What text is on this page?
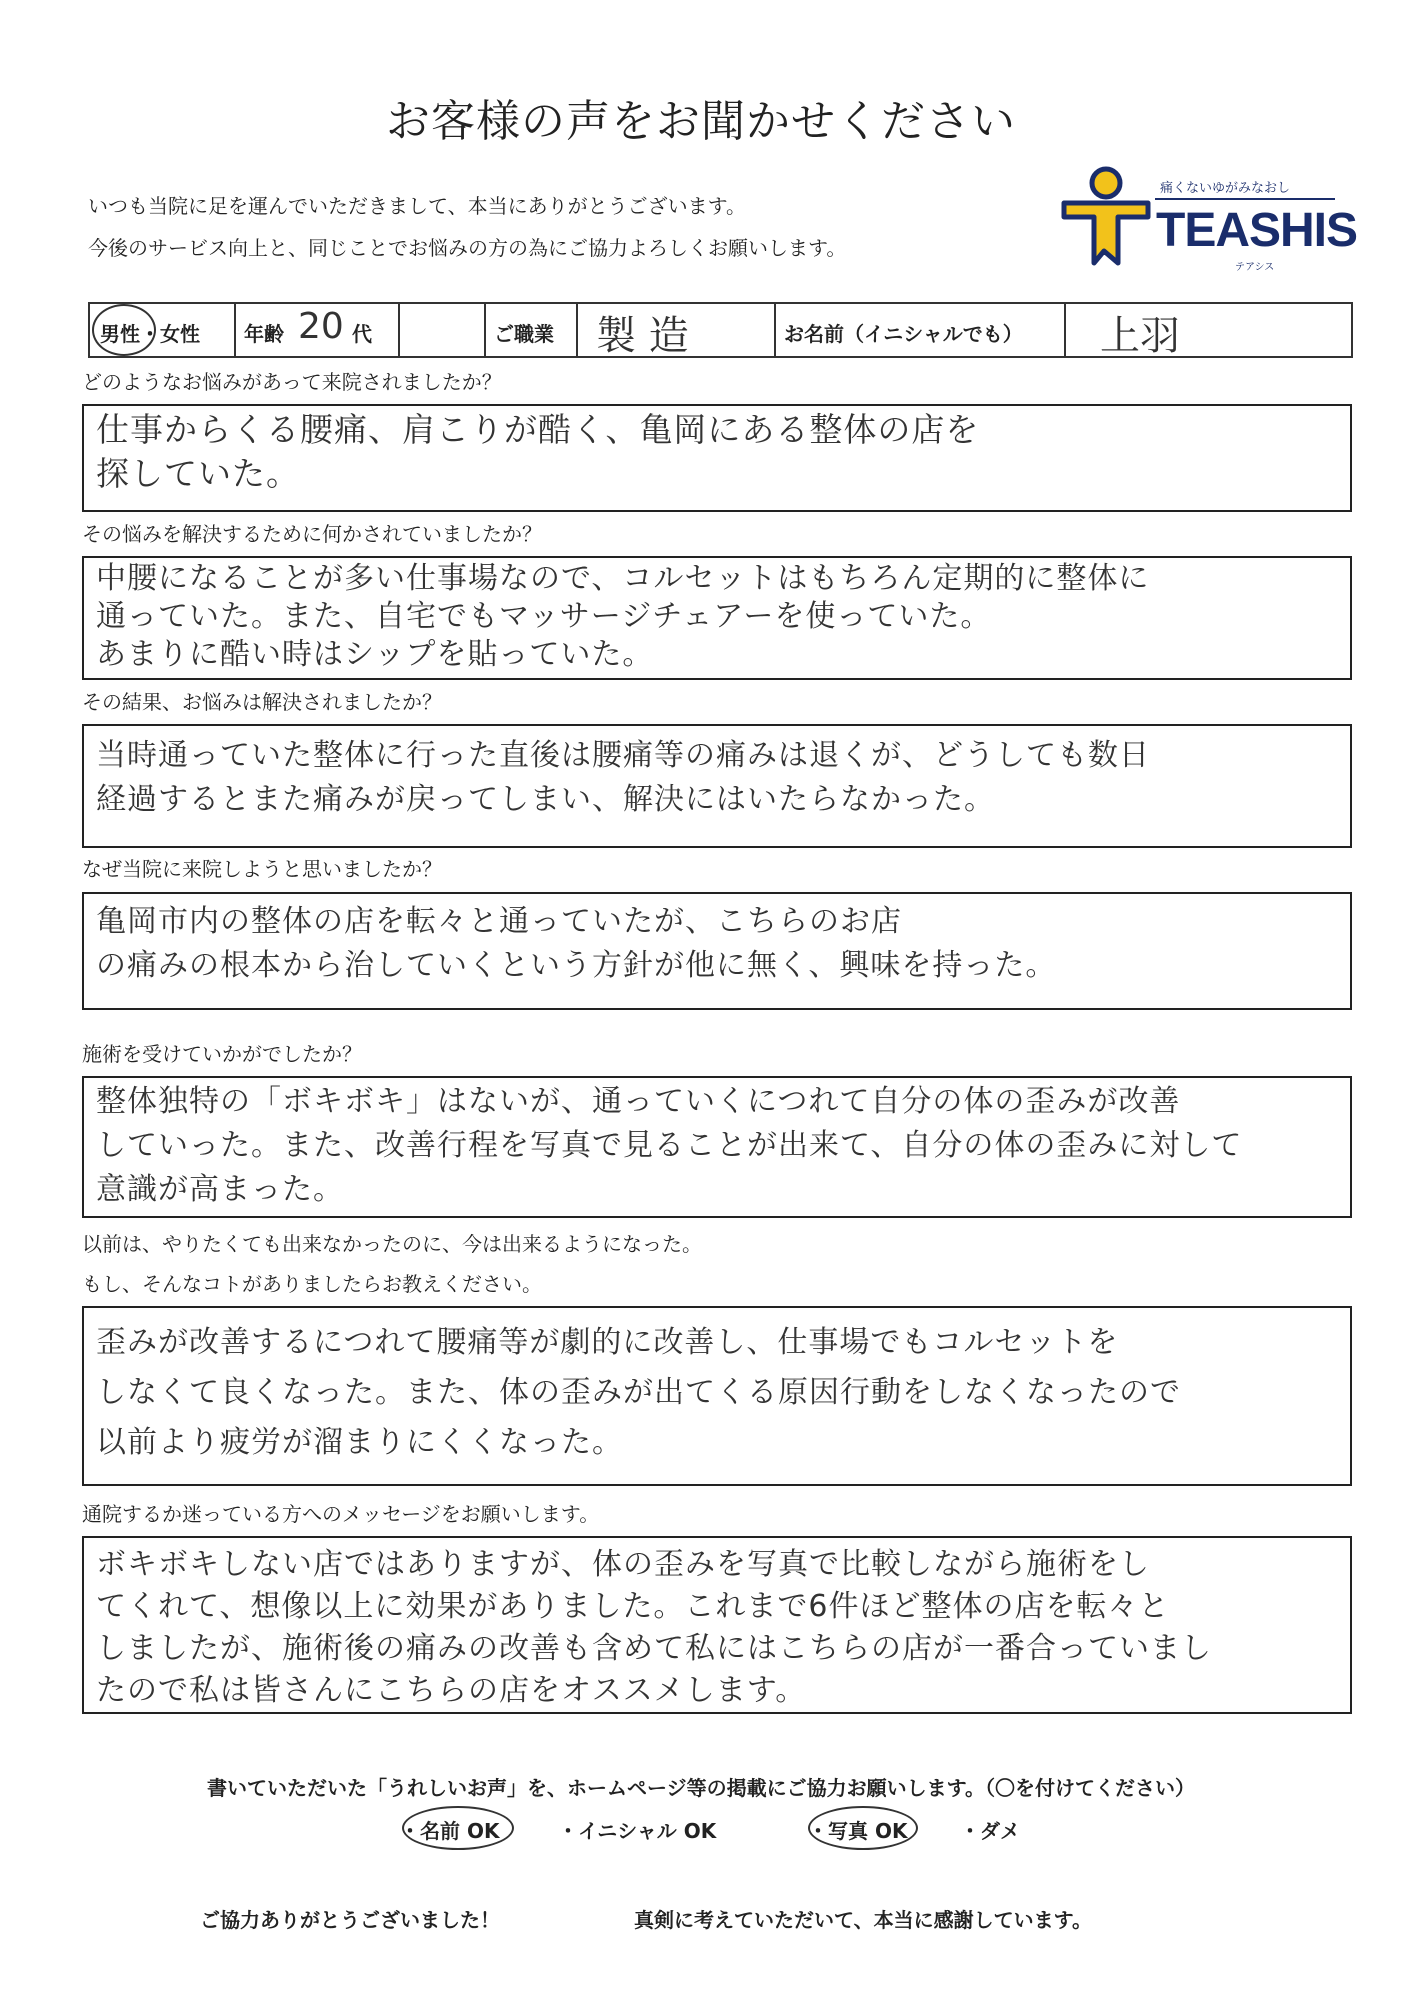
お客様の声をお聞かせください
いつも当院に足を運んでいただきまして、本当にありがとうございます。
今後のサービス向上と、同じことでお悩みの方の為にご協力よろしくお願いします。
痛くないゆがみなおし
TEASHIS
テアシス
男性・女性 年齢 20 代	ご職業 製 造	お名前（イニシャルでも） 上羽
どのようなお悩みがあって来院されましたか？
仕事からくる腰痛、肩こりが酷く、亀岡にある整体の店を
探していた。
その悩みを解決するために何かされていましたか？
中腰になることが多い仕事場なので、コルセットはもちろん定期的に整体に
通っていた。また、自宅でもマッサージチェアーを使っていた。
あまりに酷い時はシップを貼っていた。
その結果、お悩みは解決されましたか？
当時通っていた整体に行った直後は腰痛等の痛みは退くが、どうしても数日
経過するとまた痛みが戻ってしまい、解決にはいたらなかった。
なぜ当院に来院しようと思いましたか？
亀岡市内の整体の店を転々と通っていたが、こちらのお店
の痛みの根本から治していくという方針が他に無く、興味を持った。
施術を受けていかがでしたか？
整体独特の「ボキボキ」はないが、通っていくにつれて自分の体の歪みが改善
していった。また、改善行程を写真で見ることが出来て、自分の体の歪みに対して
意識が高まった。
以前は、やりたくても出来なかったのに、今は出来るようになった。
もし、そんなコトがありましたらお教えください。
歪みが改善するにつれて腰痛等が劇的に改善し、仕事場でもコルセットを
しなくて良くなった。また、体の歪みが出てくる原因行動をしなくなったので
以前より疲労が溜まりにくくなった。
通院するか迷っている方へのメッセージをお願いします。
ボキボキしない店ではありますが、体の歪みを写真で比較しながら施術をし
てくれて、想像以上に効果がありました。これまで6件ほど整体の店を転々と
しましたが、施術後の痛みの改善も含めて私にはこちらの店が一番合っていまし
たので私は皆さんにこちらの店をオススメします。
書いていただいた「うれしいお声」を、ホームページ等の掲載にご協力お願いします。（〇を付けてください）
・名前 OK	・イニシャル OK	・写真 OK	・ダメ
ご協力ありがとうございました！	真剣に考えていただいて、本当に感謝しています。
